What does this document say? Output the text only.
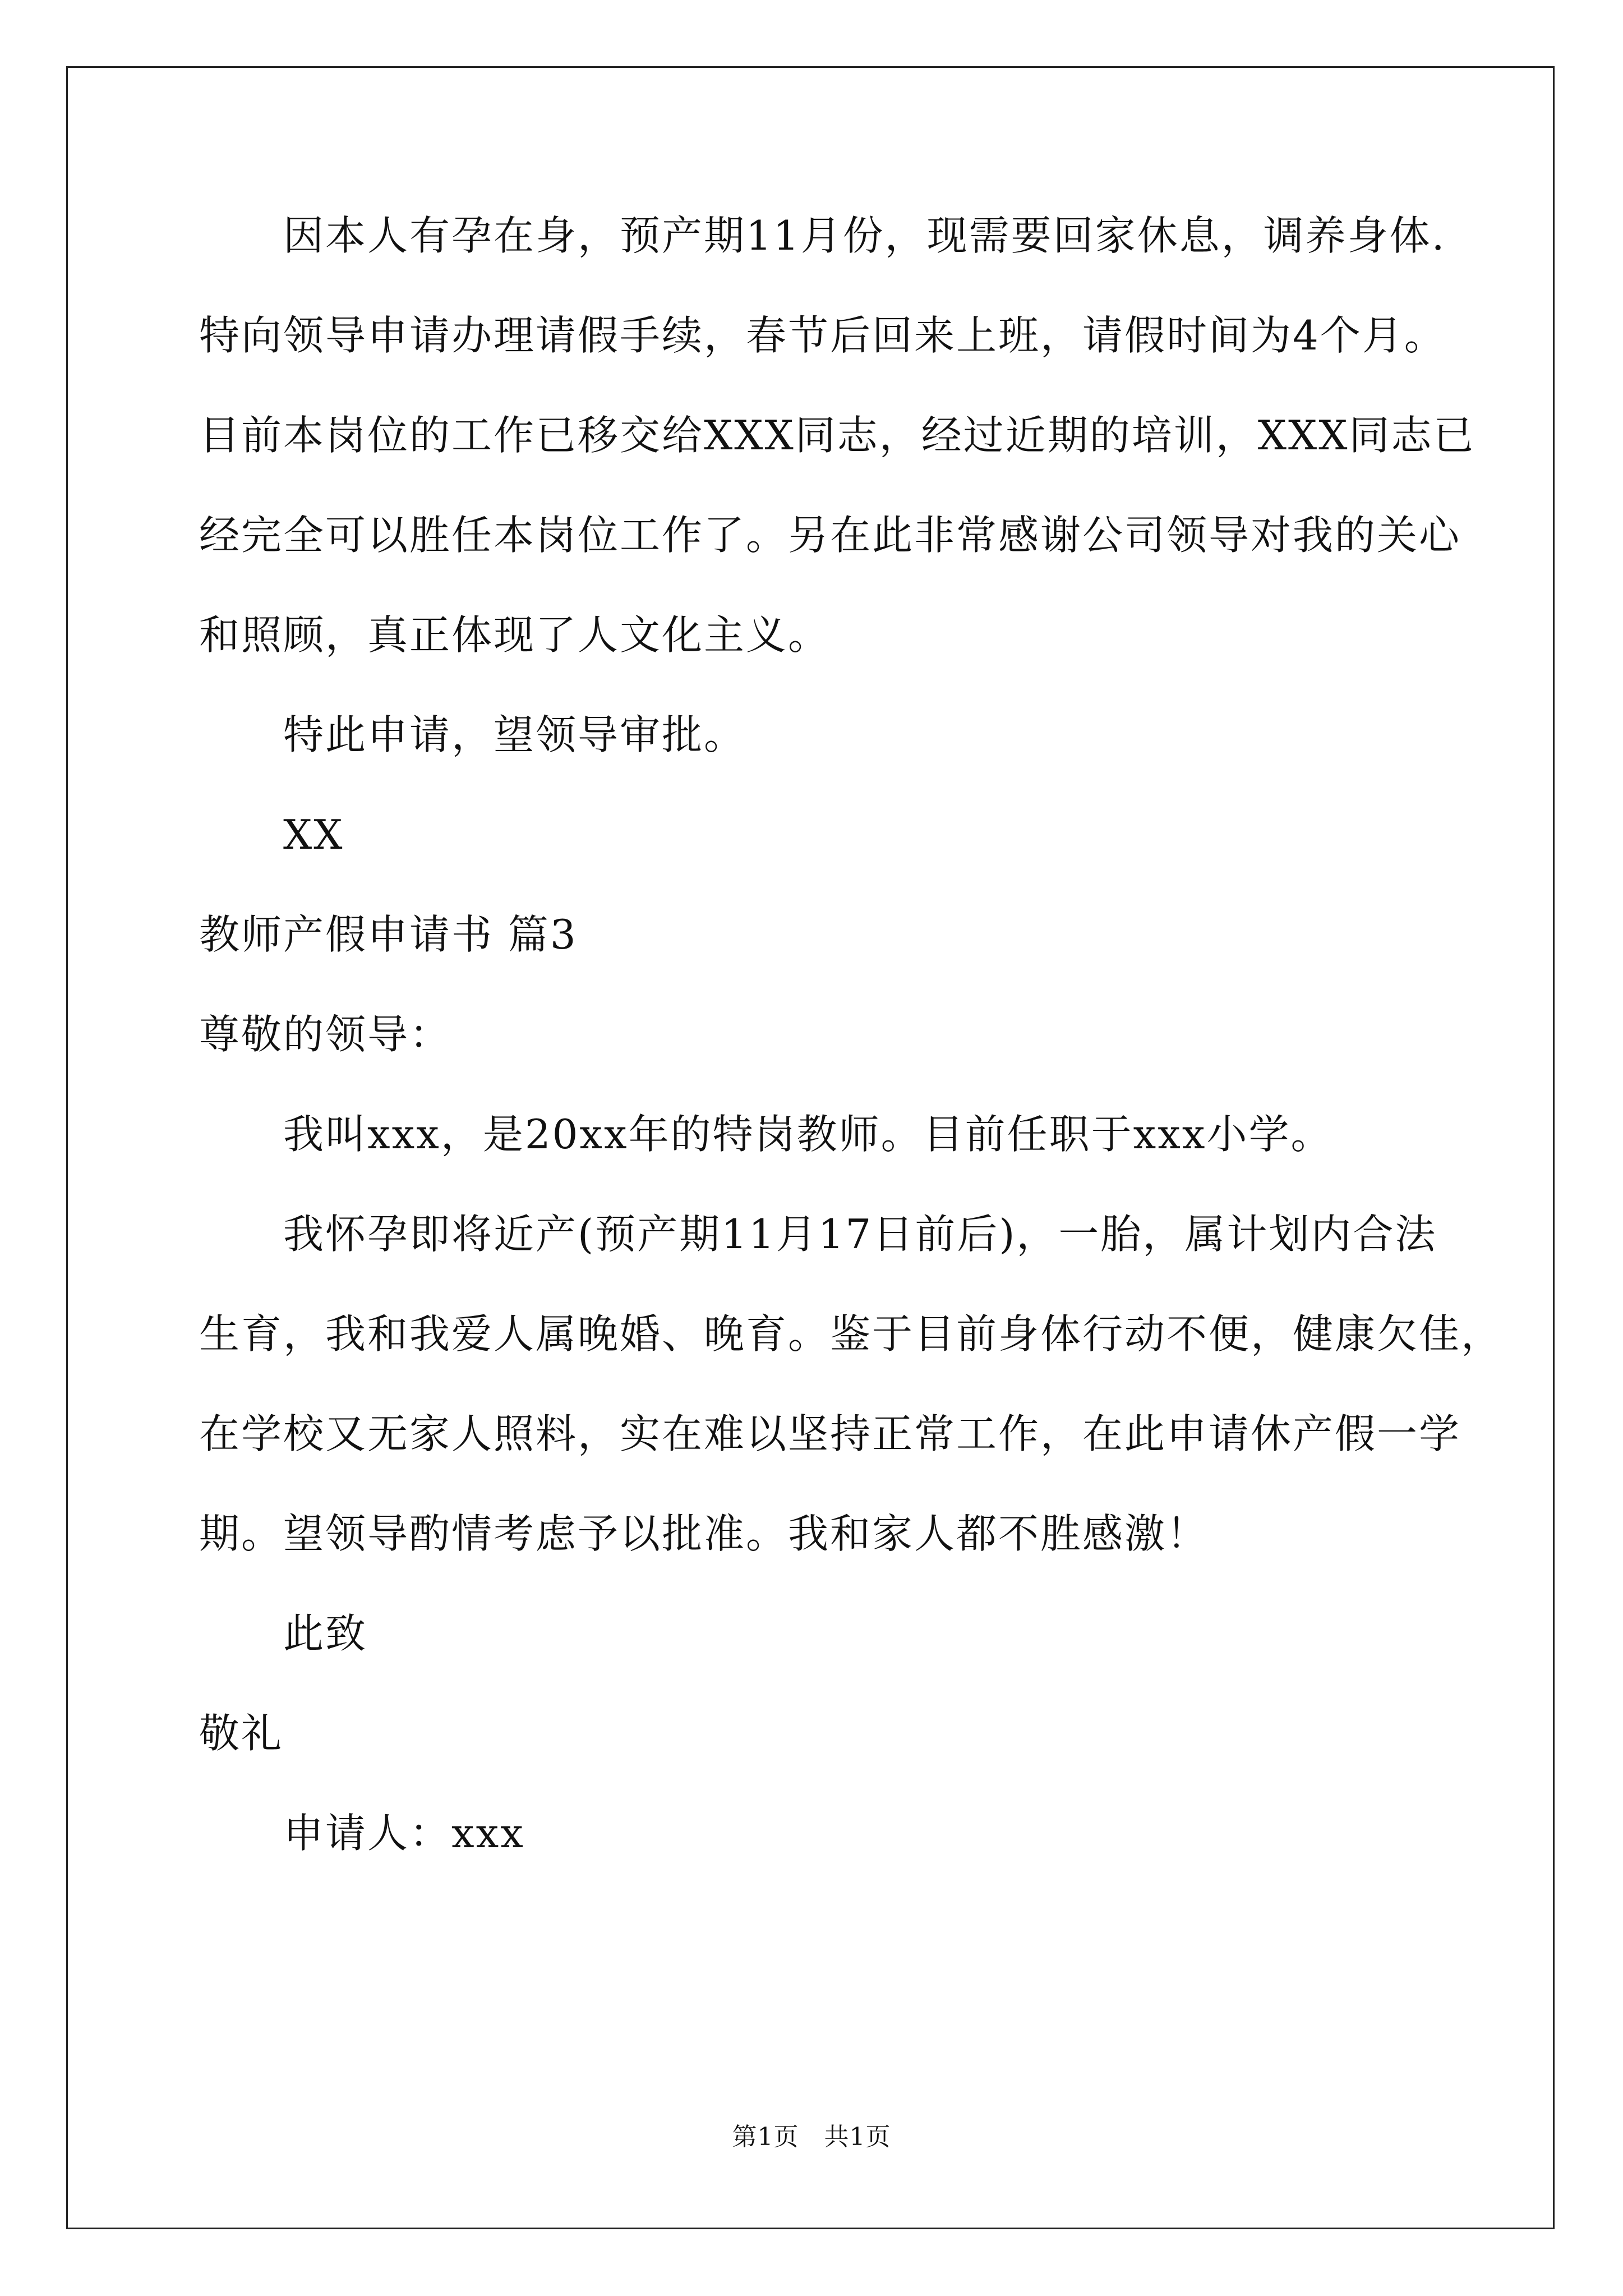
因本人有孕在身，预产期11月份，现需要回家休息，调养身体.
特向领导申请办理请假手续，春节后回来上班，请假时间为4个月。
目前本岗位的工作已移交给XXX同志，经过近期的培训，XXX同志已
经完全可以胜任本岗位工作了。另在此非常感谢公司领导对我的关心
和照顾，真正体现了人文化主义。
特此申请，望领导审批。
XX
教师产假申请书 篇3
尊敬的领导：
我叫xxx，是20xx年的特岗教师。目前任职于xxx小学。
我怀孕即将近产(预产期11月17日前后)，一胎，属计划内合法
生育，我和我爱人属晚婚、晚育。鉴于目前身体行动不便，健康欠佳，
在学校又无家人照料，实在难以坚持正常工作，在此申请休产假一学
期。望领导酌情考虑予以批准。我和家人都不胜感激！
此致
敬礼
申请人：xxx
第1页　共1页
